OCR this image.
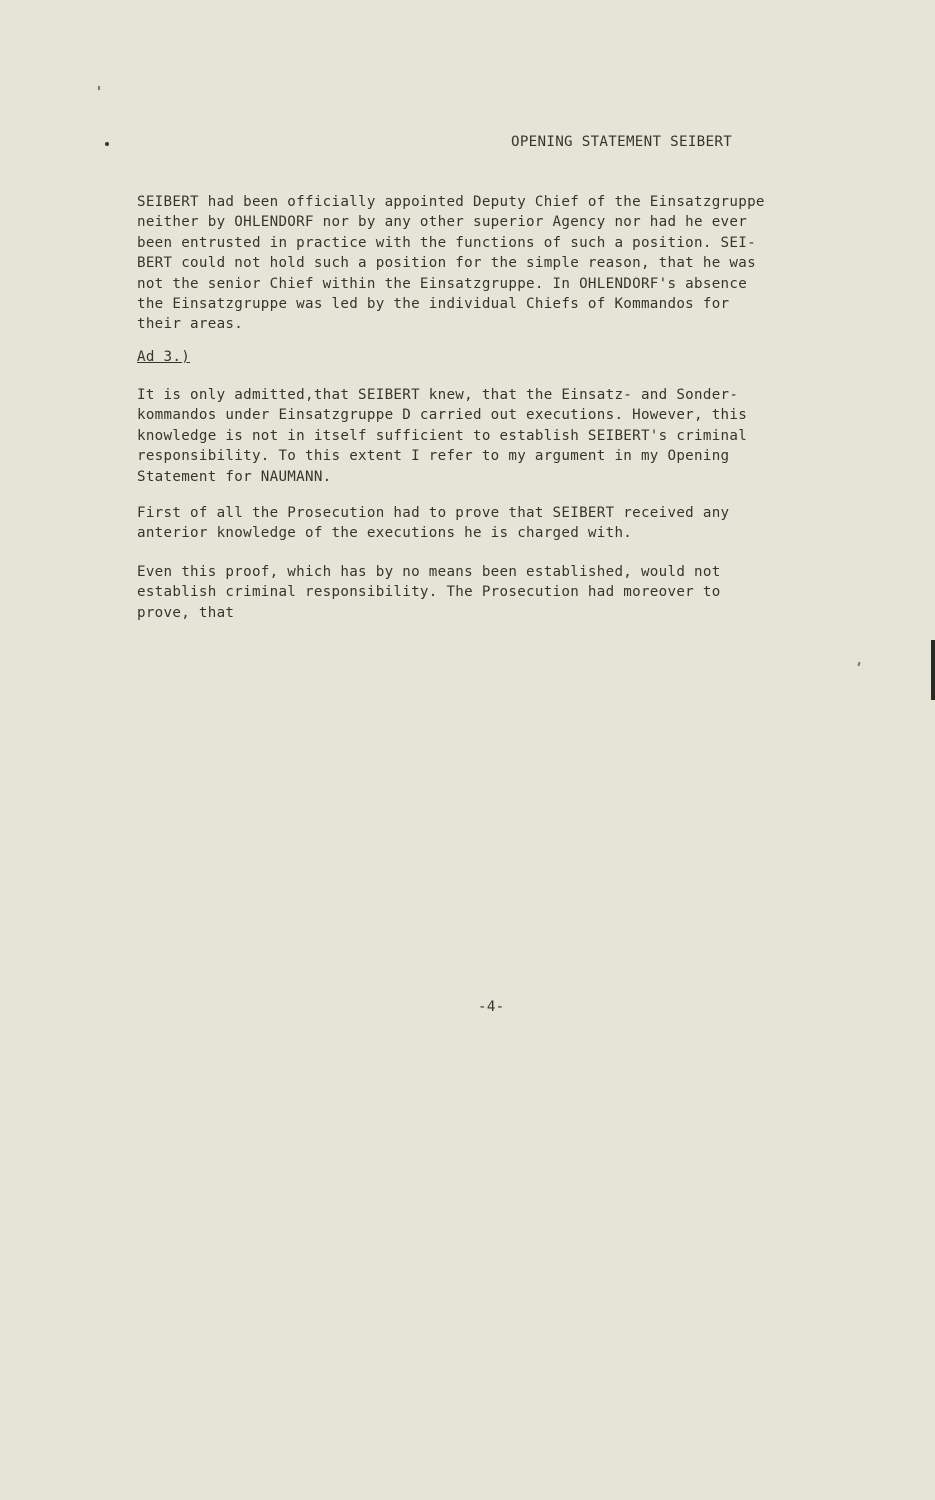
OPENING STATEMENT SEIBERT
SEIBERT had been officially appointed Deputy Chief of the Einsatzgruppe
neither by OHLENDORF nor by any other superior Agency nor had he ever
been entrusted in practice with the functions of such a position. SEI-
BERT could not hold such a position for the simple reason, that he was
not the senior Chief within the Einsatzgruppe. In OHLENDORF's absence
the Einsatzgruppe was led by the individual Chiefs of Kommandos for
their areas.
Ad 3.)
It is only admitted,that SEIBERT knew, that the Einsatz- and Sonder-
kommandos under Einsatzgruppe D carried out executions. However, this
knowledge is not in itself sufficient to establish SEIBERT's criminal
responsibility. To this extent I refer to my argument in my Opening
Statement for NAUMANN.
First of all the Prosecution had to prove that SEIBERT received any
anterior knowledge of the executions he is charged with.
Even this proof, which has by no means been established, would not
establish criminal responsibility. The Prosecution had moreover to
prove, that
-4-
